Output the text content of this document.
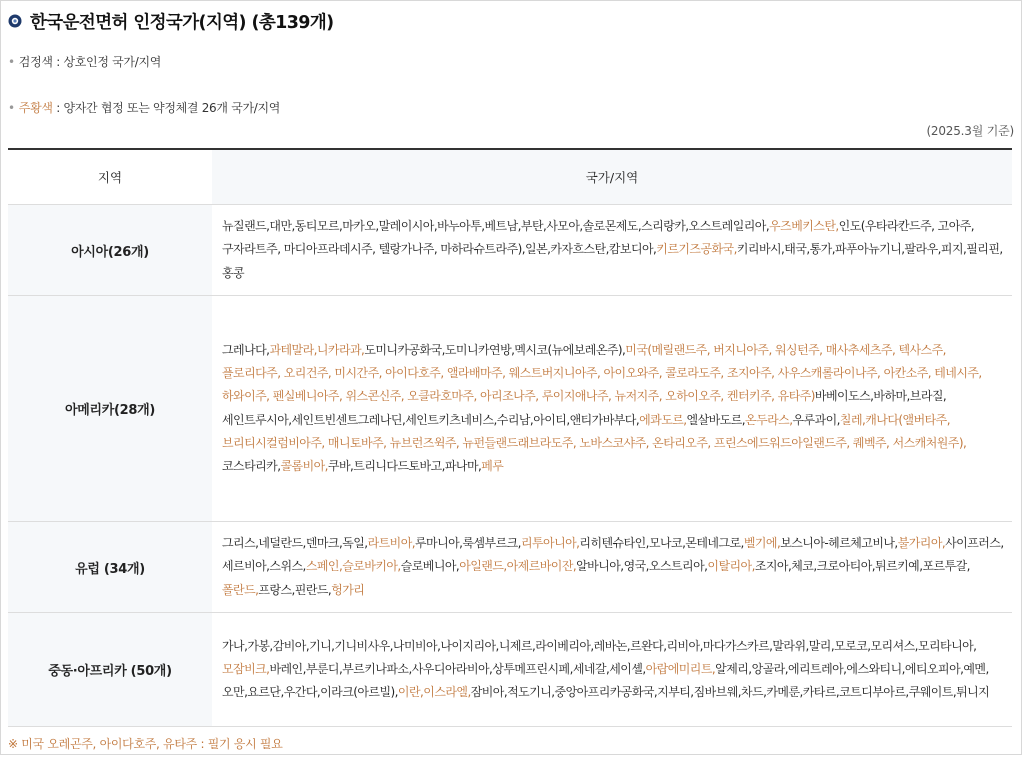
한국운전면허 인정국가(지역) (총139개)
• 검정색 : 상호인정 국가/지역
• 주황색 : 양자간 협정 또는 약정체결 26개 국가/지역
(2025.3월 기준)
지역	국가/지역
아시아(26개)	뉴질랜드,대만,동티모르,마카오,말레이시아,바누아투,베트남,부탄,사모아,솔로몬제도,스리랑카,오스트레일리아,우즈베키스탄,인도(우타라칸드주, 고아주, 구자라트주, 마디아프라데시주, 텔랑가나주, 마하라슈트라주),일본,카자흐스탄,캄보디아,키르기즈공화국,키리바시,태국,통가,파푸아뉴기니,팔라우,피지,필리핀,홍콩
아메리카(28개)	그레나다,과테말라,니카라과,도미니카공화국,도미니카연방,멕시코(뉴에보레온주),미국(메릴랜드주, 버지니아주, 워싱턴주, 매사추세츠주, 텍사스주, 플로리다주, 오리건주, 미시간주, 아이다호주, 앨라배마주, 웨스트버지니아주, 아이오와주, 콜로라도주, 조지아주, 사우스캐롤라이나주, 아칸소주, 테네시주, 하와이주, 펜실베니아주, 위스콘신주, 오클라호마주, 아리조나주, 루이지애나주, 뉴저지주, 오하이오주, 켄터키주, 유타주)바베이도스,바하마,브라질,세인트루시아,세인트빈센트그레나딘,세인트키츠네비스,수리남,아이티,앤티가바부다,에콰도르,엘살바도르,온두라스,우루과이,칠레,캐나다(앨버타주, 브리티시컬럼비아주, 매니토바주, 뉴브런즈윅주, 뉴펀들랜드래브라도주, 노바스코샤주, 온타리오주, 프린스에드워드아일랜드주, 퀘벡주, 서스캐처원주),코스타리카,콜롬비아,쿠바,트리니다드토바고,파나마,페루
유럽 (34개)	그리스,네덜란드,덴마크,독일,라트비아,루마니아,룩셈부르크,리투아니아,리히텐슈타인,모나코,몬테네그로,벨기에,보스니아-헤르체고비나,불가리아,사이프러스,세르비아,스위스,스페인,슬로바키아,슬로베니아,아일랜드,아제르바이잔,알바니아,영국,오스트리아,이탈리아,조지아,체코,크로아티아,튀르키예,포르투갈,폴란드,프랑스,핀란드,헝가리
중동·아프리카 (50개)	가나,가봉,감비아,기니,기니비사우,나미비아,나이지리아,니제르,라이베리아,레바논,르완다,리비아,마다가스카르,말라위,말리,모로코,모리셔스,모리타니아,모잠비크,바레인,부룬디,부르키나파소,사우디아라비아,상투메프린시페,세네갈,세이셸,아랍에미리트,알제리,앙골라,에리트레아,에스와티니,에티오피아,예멘,오만,요르단,우간다,이라크(아르빌),이란,이스라엘,잠비아,적도기니,중앙아프리카공화국,지부티,짐바브웨,차드,카메룬,카타르,코트디부아르,쿠웨이트,튀니지
※ 미국 오레곤주, 아이다호주, 유타주 : 필기 응시 필요
